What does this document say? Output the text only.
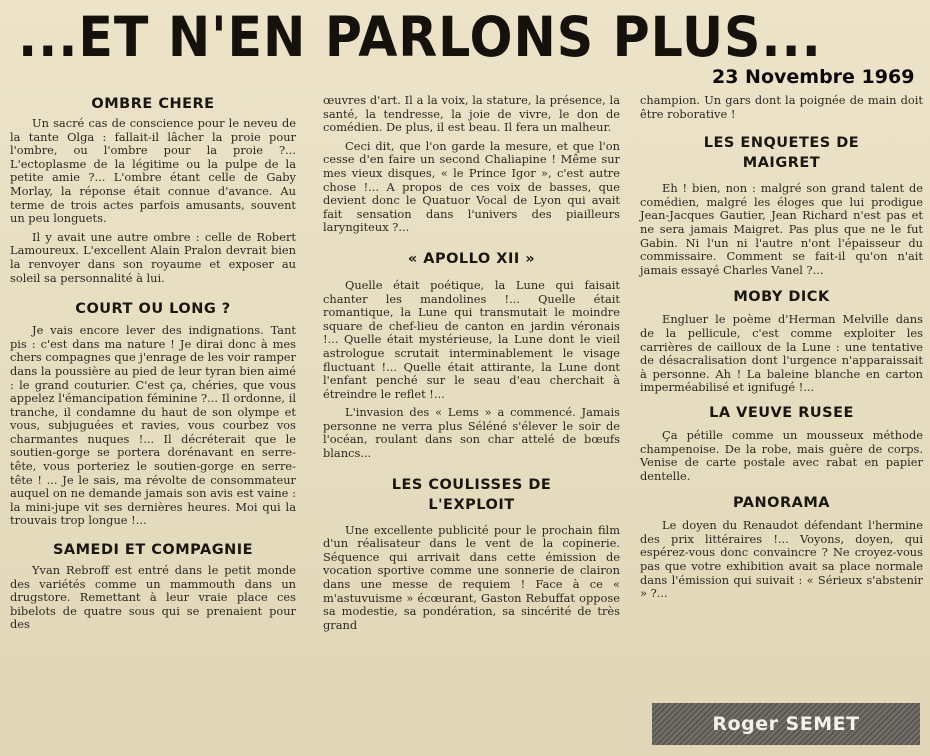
...ET N'EN PARLONS PLUS...
23 Novembre 1969
OMBRE CHERE

Un sacré cas de conscience pour le neveu de la tante Olga : fallait-il lâcher la proie pour l'ombre, ou l'ombre pour la proie ?... L'ectoplasme de la légitime ou la pulpe de la petite amie ?... L'ombre étant celle de Gaby Morlay, la réponse était connue d'avance. Au terme de trois actes parfois amusants, souvent un peu longuets.

Il y avait une autre ombre : celle de Robert Lamoureux. L'excellent Alain Pralon devrait bien la renvoyer dans son royaume et exposer au soleil sa personnalité à lui.

COURT OU LONG ?

Je vais encore lever des indignations. Tant pis : c'est dans ma nature ! Je dirai donc à mes chers compagnes que j'enrage de les voir ramper dans la poussière au pied de leur tyran bien aimé : le grand couturier. C'est ça, chéries, que vous appelez l'émancipation féminine ?... Il ordonne, il tranche, il condamne du haut de son olympe et vous, subjuguées et ravies, vous courbez vos charmantes nuques !... Il décréterait que le soutien-gorge se portera dorénavant en serre-tête, vous porteriez le soutien-gorge en serre-tête ! ... Je le sais, ma révolte de consommateur auquel on ne demande jamais son avis est vaine : la mini-jupe vit ses dernières heures. Moi qui la trouvais trop longue !...

SAMEDI ET COMPAGNIE

Yvan Rebroff est entré dans le petit monde des variétés comme un mammouth dans un drugstore. Remettant à leur vraie place ces bibelots de quatre sous qui se prenaient pour des

œuvres d'art. Il a la voix, la stature, la présence, la santé, la tendresse, la joie de vivre, le don de comédien. De plus, il est beau. Il fera un malheur.

Ceci dit, que l'on garde la mesure, et que l'on cesse d'en faire un second Chaliapine ! Même sur mes vieux disques, « le Prince Igor », c'est autre chose !... A propos de ces voix de basses, que devient donc le Quatuor Vocal de Lyon qui avait fait sensation dans l'univers des piailleurs laryngiteux ?...

« APOLLO XII »

Quelle était poétique, la Lune qui faisait chanter les mandolines !... Quelle était romantique, la Lune qui transmutait le moindre square de chef-lieu de canton en jardin véronais !... Quelle était mystérieuse, la Lune dont le vieil astrologue scrutait interminablement le visage fluctuant !... Quelle était attirante, la Lune dont l'enfant penché sur le seau d'eau cherchait à étreindre le reflet !...

L'invasion des « Lems » a commencé. Jamais personne ne verra plus Séléné s'élever le soir de l'océan, roulant dans son char attelé de bœufs blancs...

LES COULISSES DE L'EXPLOIT

Une excellente publicité pour le prochain film d'un réalisateur dans le vent de la copinerie. Séquence qui arrivait dans cette émission de vocation sportive comme une sonnerie de clairon dans une messe de requiem ! Face à ce « m'astuvuisme » écœurant, Gaston Rebuffat oppose sa modestie, sa pondération, sa sincérité de très grand

champion. Un gars dont la poignée de main doit être roborative !

LES ENQUETES DE MAIGRET

Eh ! bien, non : malgré son grand talent de comédien, malgré les éloges que lui prodigue Jean-Jacques Gautier, Jean Richard n'est pas et ne sera jamais Maigret. Pas plus que ne le fut Gabin. Ni l'un ni l'autre n'ont l'épaisseur du commissaire. Comment se fait-il qu'on n'ait jamais essayé Charles Vanel ?...

MOBY DICK

Engluer le poème d'Herman Melville dans de la pellicule, c'est comme exploiter les carrières de cailloux de la Lune : une tentative de désacralisation dont l'urgence n'apparaissait à personne. Ah ! La baleine blanche en carton imperméabilisé et ignifugé !...

LA VEUVE RUSEE

Ça pétille comme un mousseux méthode champenoise. De la robe, mais guère de corps. Venise de carte postale avec rabat en papier dentelle.

PANORAMA

Le doyen du Renaudot défendant l'hermine des prix littéraires !... Voyons, doyen, qui espérez-vous donc convaincre ? Ne croyez-vous pas que votre exhibition avait sa place normale dans l'émission qui suivait : « Sérieux s'abstenir » ?...

Roger SEMET
